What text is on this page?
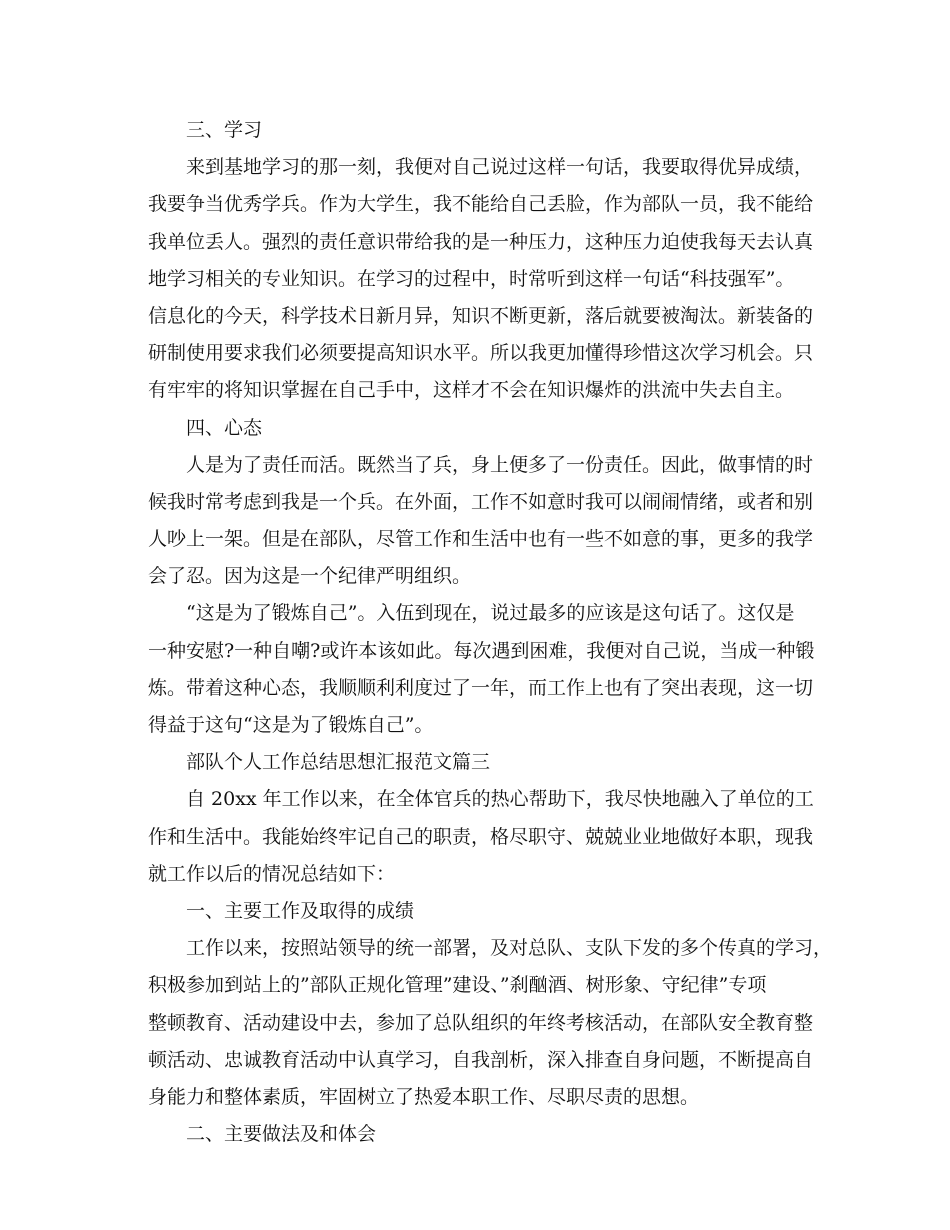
三、学习
来到基地学习的那一刻，我便对自己说过这样一句话，我要取得优异成绩，
我要争当优秀学兵。作为大学生，我不能给自己丢脸，作为部队一员，我不能给
我单位丢人。强烈的责任意识带给我的是一种压力，这种压力迫使我每天去认真
地学习相关的专业知识。在学习的过程中，时常听到这样一句话“科技强军”。
信息化的今天，科学技术日新月异，知识不断更新，落后就要被淘汰。新装备的
研制使用要求我们必须要提高知识水平。所以我更加懂得珍惜这次学习机会。只
有牢牢的将知识掌握在自己手中，这样才不会在知识爆炸的洪流中失去自主。
四、心态
人是为了责任而活。既然当了兵，身上便多了一份责任。因此，做事情的时
候我时常考虑到我是一个兵。在外面，工作不如意时我可以闹闹情绪，或者和别
人吵上一架。但是在部队，尽管工作和生活中也有一些不如意的事，更多的我学
会了忍。因为这是一个纪律严明组织。
“这是为了锻炼自己”。入伍到现在，说过最多的应该是这句话了。这仅是
一种安慰?一种自嘲?或许本该如此。每次遇到困难，我便对自己说，当成一种锻
炼。带着这种心态，我顺顺利利度过了一年，而工作上也有了突出表现，这一切
得益于这句“这是为了锻炼自己”。
部队个人工作总结思想汇报范文篇三
自 20xx 年工作以来，在全体官兵的热心帮助下，我尽快地融入了单位的工
作和生活中。我能始终牢记自己的职责，格尽职守、兢兢业业地做好本职，现我
就工作以后的情况总结如下：
一、主要工作及取得的成绩
工作以来，按照站领导的统一部署，及对总队、支队下发的多个传真的学习，
积极参加到站上的”部队正规化管理”建设、”刹酗酒、树形象、守纪律”专项
整顿教育、活动建设中去，参加了总队组织的年终考核活动，在部队安全教育整
顿活动、忠诚教育活动中认真学习，自我剖析，深入排查自身问题，不断提高自
身能力和整体素质，牢固树立了热爱本职工作、尽职尽责的思想。
二、主要做法及和体会
